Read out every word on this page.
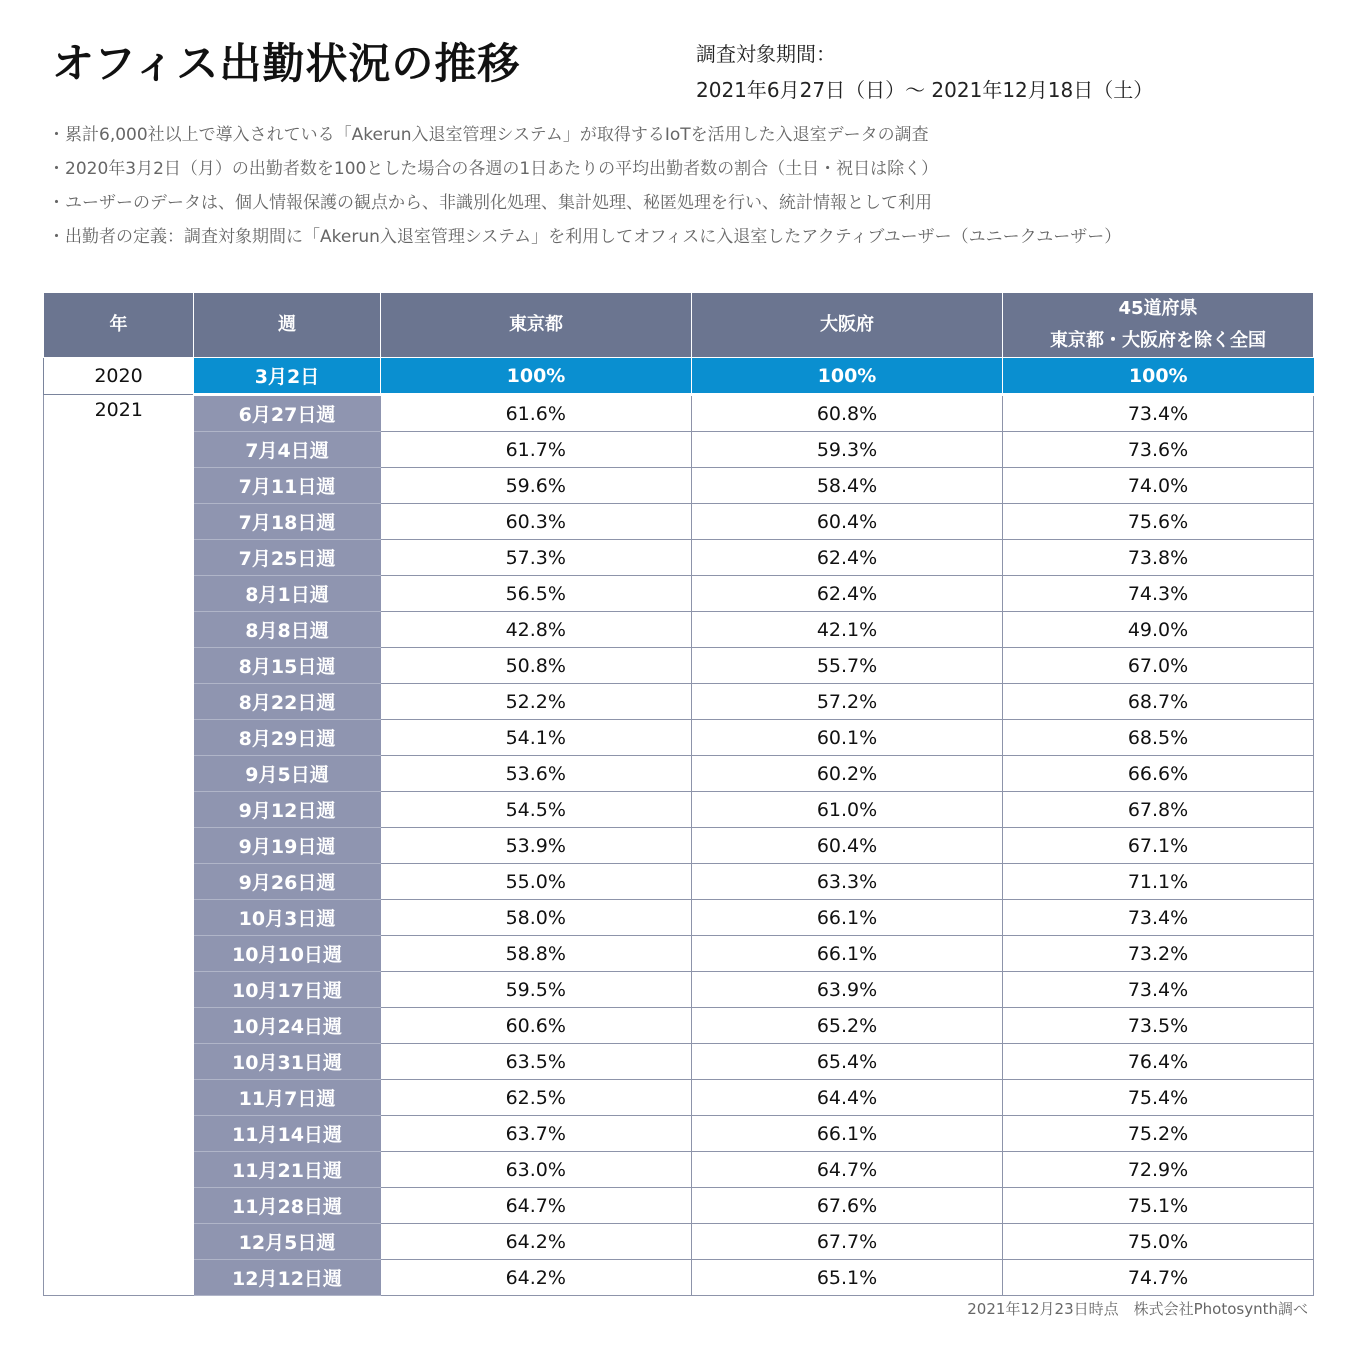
オフィス出勤状況の推移	調査対象期間：
2021年6月27日（日）～ 2021年12月18日（土）
・ 累計6,000社以上で導入されている「Akerun入退室管理システム」が取得するIoTを活用した入退室データの調査
・ 2020年3月2日（月）の出勤者数を100とした場合の各週の1日あたりの平均出勤者数の割合（土日・祝日は除く）
・ ユーザーのデータは、個人情報保護の観点から、非識別化処理、集計処理、秘匿処理を行い、統計情報として利用
・ 出勤者の定義：調査対象期間に「Akerun入退室管理システム」を利用してオフィスに入退室したアクティブユーザー（ユニークユーザー）
年	週	東京都	大阪府	45道府県
東京都・大阪府を除く全国

2020	3月2日	100%	100%	100%
2021	6月27日週	61.6%	60.8%	73.4%
	7月4日週	61.7%	59.3%	73.6%
	7月11日週	59.6%	58.4%	74.0%
	7月18日週	60.3%	60.4%	75.6%
	7月25日週	57.3%	62.4%	73.8%
	8月1日週	56.5%	62.4%	74.3%
	8月8日週	42.8%	42.1%	49.0%
	8月15日週	50.8%	55.7%	67.0%
	8月22日週	52.2%	57.2%	68.7%
	8月29日週	54.1%	60.1%	68.5%
	9月5日週	53.6%	60.2%	66.6%
	9月12日週	54.5%	61.0%	67.8%
	9月19日週	53.9%	60.4%	67.1%
	9月26日週	55.0%	63.3%	71.1%
	10月3日週	58.0%	66.1%	73.4%
	10月10日週	58.8%	66.1%	73.2%
	10月17日週	59.5%	63.9%	73.4%
	10月24日週	60.6%	65.2%	73.5%
	10月31日週	63.5%	65.4%	76.4%
	11月7日週	62.5%	64.4%	75.4%
	11月14日週	63.7%	66.1%	75.2%
	11月21日週	63.0%	64.7%	72.9%
	11月28日週	64.7%	67.6%	75.1%
	12月5日週	64.2%	67.7%	75.0%
	12月12日週	64.2%	65.1%	74.7%
2021年12月23日時点　株式会社Photosynth調べ
